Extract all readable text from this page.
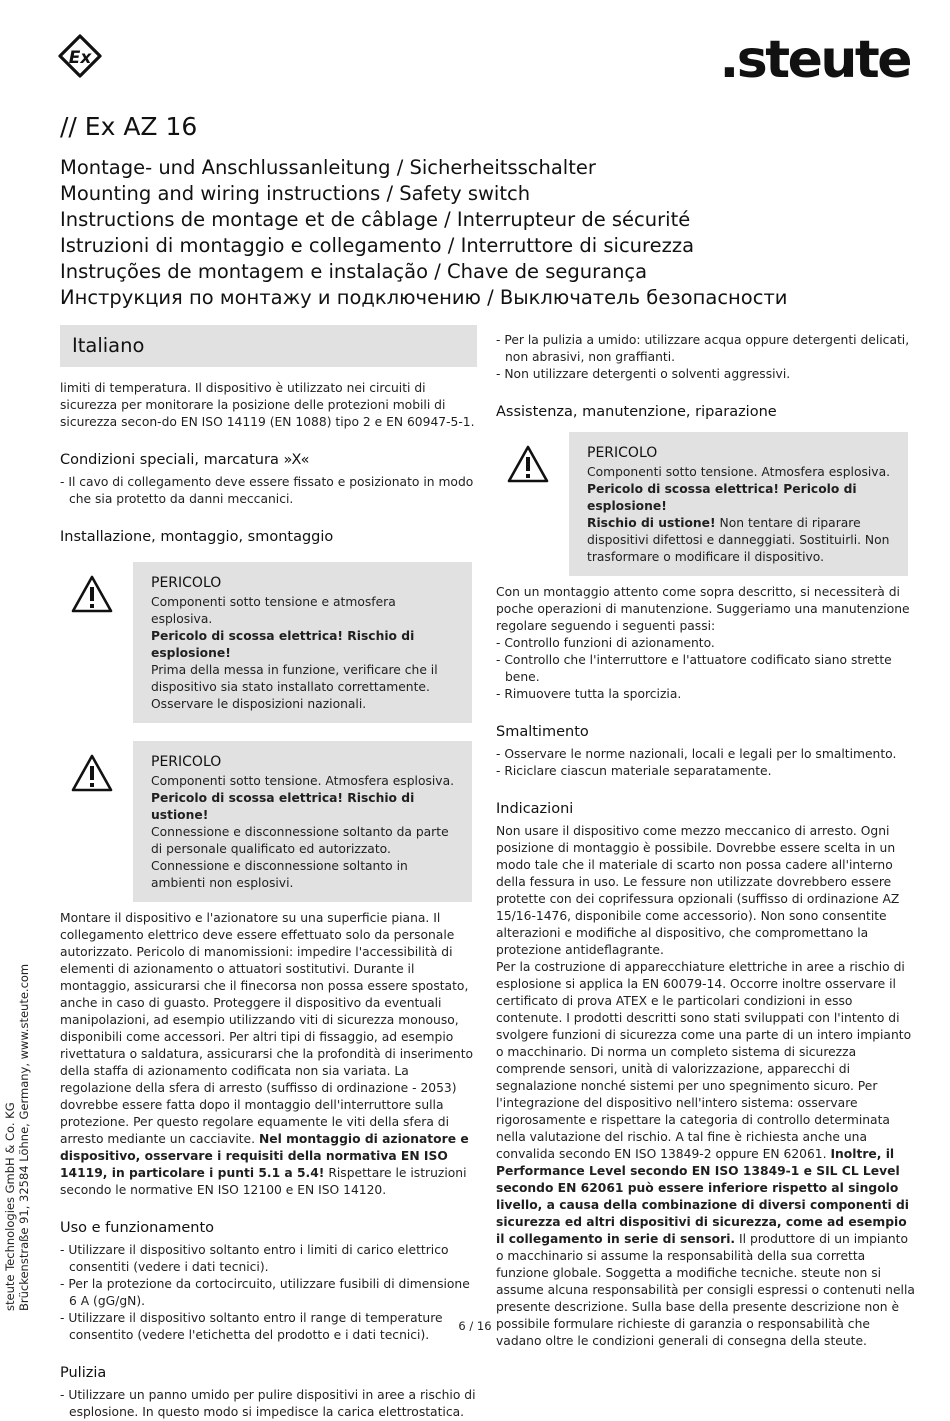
Ex	.steute
// Ex AZ 16
Montage- und Anschlussanleitung / Sicherheitsschalter
Mounting and wiring instructions / Safety switch
Instructions de montage et de câblage / Interrupteur de sécurité
Istruzioni di montaggio e collegamento / Interruttore di sicurezza
Instruções de montagem e instalação / Chave de segurança
Инструкция по монтажу и подключению / Выключатель безопасности
Italiano

limiti di temperatura. Il dispositivo è utilizzato nei circuiti di sicurezza per monitorare la posizione delle protezioni mobili di sicurezza secon-do EN ISO 14119 (EN 1088) tipo 2 e EN 60947-5-1.

Condizioni speciali, marcatura »X«

- Il cavo di collegamento deve essere fissato e posizionato in modo che sia protetto da danni meccanici.

Installazione, montaggio, smontaggio
PERICOLO
Componenti sotto tensione e atmosfera esplosiva.
Pericolo di scossa elettrica! Rischio di esplosione!
Prima della messa in funzione, verificare che il dispositivo sia stato installato correttamente. Osservare le disposizioni nazionali.
PERICOLO
Componenti sotto tensione. Atmosfera esplosiva.
Pericolo di scossa elettrica! Rischio di ustione!
Connessione e disconnessione soltanto da parte di personale qualificato ed autorizzato. Connessione e disconnessione soltanto in ambienti non esplosivi.

Montare il dispositivo e l'azionatore su una superficie piana. Il collegamento elettrico deve essere effettuato solo da personale autorizzato. Pericolo di manomissioni: impedire l'accessibilità di elementi di azionamento o attuatori sostitutivi. Durante il montaggio, assicurarsi che il finecorsa non possa essere spostato, anche in caso di guasto. Proteggere il dispositivo da eventuali manipolazioni, ad esempio utilizzando viti di sicurezza monouso, disponibili come accessori. Per altri tipi di fissaggio, ad esempio rivettatura o saldatura, assicurarsi che la profondità di inserimento della staffa di azionamento codificata non sia variata. La regolazione della sfera di arresto (suffisso di ordinazione - 2053) dovrebbe essere fatta dopo il montaggio dell'interruttore sulla protezione. Per questo regolare equamente le viti della sfera di arresto mediante un cacciavite. Nel montaggio di azionatore e dispositivo, osservare i requisiti della normativa EN ISO 14119, in particolare i punti 5.1 a 5.4! Rispettare le istruzioni secondo le normative EN ISO 12100 e EN ISO 14120.

Uso e funzionamento

- Utilizzare il dispositivo soltanto entro i limiti di carico elettrico consentiti (vedere i dati tecnici).

- Per la protezione da cortocircuito, utilizzare fusibili di dimensione 6 A (gG/gN).

- Utilizzare il dispositivo soltanto entro il range di temperature consentito (vedere l'etichetta del prodotto e i dati tecnici).

Pulizia

- Utilizzare un panno umido per pulire dispositivi in aree a rischio di esplosione. In questo modo si impedisce la carica elettrostatica.

- Per la pulizia a umido: utilizzare acqua oppure detergenti delicati, non abrasivi, non graffianti.

- Non utilizzare detergenti o solventi aggressivi.

Assistenza, manutenzione, riparazione
PERICOLO
Componenti sotto tensione. Atmosfera esplosiva.
Pericolo di scossa elettrica! Pericolo di esplosione!
Rischio di ustione! Non tentare di riparare dispositivi difettosi e danneggiati. Sostituirli. Non trasformare o modificare il dispositivo.

Con un montaggio attento come sopra descritto, si necessiterà di poche operazioni di manutenzione. Suggeriamo una manutenzione regolare seguendo i seguenti passi:

- Controllo funzioni di azionamento.

- Controllo che l'interruttore e l'attuatore codificato siano strette bene.

- Rimuovere tutta la sporcizia.

Smaltimento

- Osservare le norme nazionali, locali e legali per lo smaltimento.

- Riciclare ciascun materiale separatamente.

Indicazioni

Non usare il dispositivo come mezzo meccanico di arresto. Ogni posizione di montaggio è possibile. Dovrebbe essere scelta in un modo tale che il materiale di scarto non possa cadere all'interno della fessura in uso. Le fessure non utilizzate dovrebbero essere protette con dei coprifessura opzionali (suffisso di ordinazione AZ 15/16-1476, disponibile come accessorio). Non sono consentite alterazioni e modifiche al dispositivo, che compromettano la protezione antideflagrante.

Per la costruzione di apparecchiature elettriche in aree a rischio di esplosione si applica la EN 60079-14. Occorre inoltre osservare il certificato di prova ATEX e le particolari condizioni in esso contenute. I prodotti descritti sono stati sviluppati con l'intento di svolgere funzioni di sicurezza come una parte di un intero impianto o macchinario. Di norma un completo sistema di sicurezza comprende sensori, unità di valorizzazione, apparecchi di segnalazione nonché sistemi per uno spegnimento sicuro. Per l'integrazione del dispositivo nell'intero sistema: osservare rigorosamente e rispettare la categoria di controllo determinata nella valutazione del rischio. A tal fine è richiesta anche una convalida secondo EN ISO 13849-2 oppure EN 62061. Inoltre, il Performance Level secondo EN ISO 13849-1 e SIL CL Level secondo EN 62061 può essere inferiore rispetto al singolo livello, a causa della combinazione di diversi componenti di sicurezza ed altri dispositivi di sicurezza, come ad esempio il collegamento in serie di sensori. Il produttore di un impianto o macchinario si assume la responsabilità della sua corretta funzione globale. Soggetta a modifiche tecniche. steute non si assume alcuna responsabilità per consigli espressi o contenuti nella presente descrizione. Sulla base della presente descrizione non è possibile formulare richieste di garanzia o responsabilità che vadano oltre le condizioni generali di consegna della steute.

steute Technologies GmbH & Co. KG Brückenstraße 91, 32584 Löhne, Germany, www.steute.com
6 / 16
